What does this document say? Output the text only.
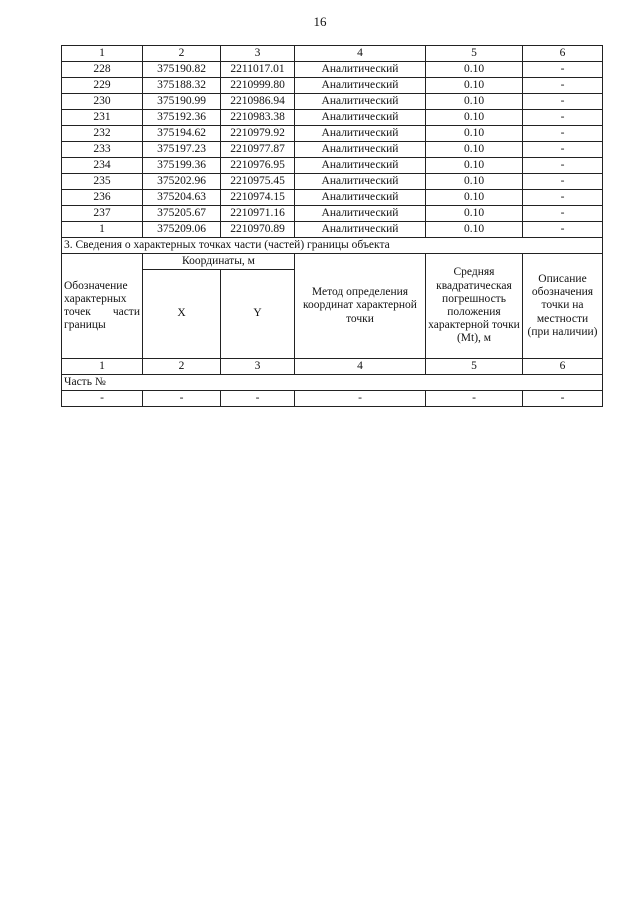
16
1	2	3	4	5	6
228	375190.82	2211017.01	Аналитический	0.10	-
229	375188.32	2210999.80	Аналитический	0.10	-
230	375190.99	2210986.94	Аналитический	0.10	-
231	375192.36	2210983.38	Аналитический	0.10	-
232	375194.62	2210979.92	Аналитический	0.10	-
233	375197.23	2210977.87	Аналитический	0.10	-
234	375199.36	2210976.95	Аналитический	0.10	-
235	375202.96	2210975.45	Аналитический	0.10	-
236	375204.63	2210974.15	Аналитический	0.10	-
237	375205.67	2210971.16	Аналитический	0.10	-
1	375209.06	2210970.89	Аналитический	0.10	-
3. Сведения о характерных точках части (частей) границы объекта					
Обозначение характерных точек части границы	Координаты, м		Метод определения координат характерной точки	Средняя квадратическая погрешность положения характерной точки (Mt), м	Описание обозначения точки на местности (при наличии)
	X	Y			
1	2	3	4	5	6
Часть №					
-	-	-	-	-	-
